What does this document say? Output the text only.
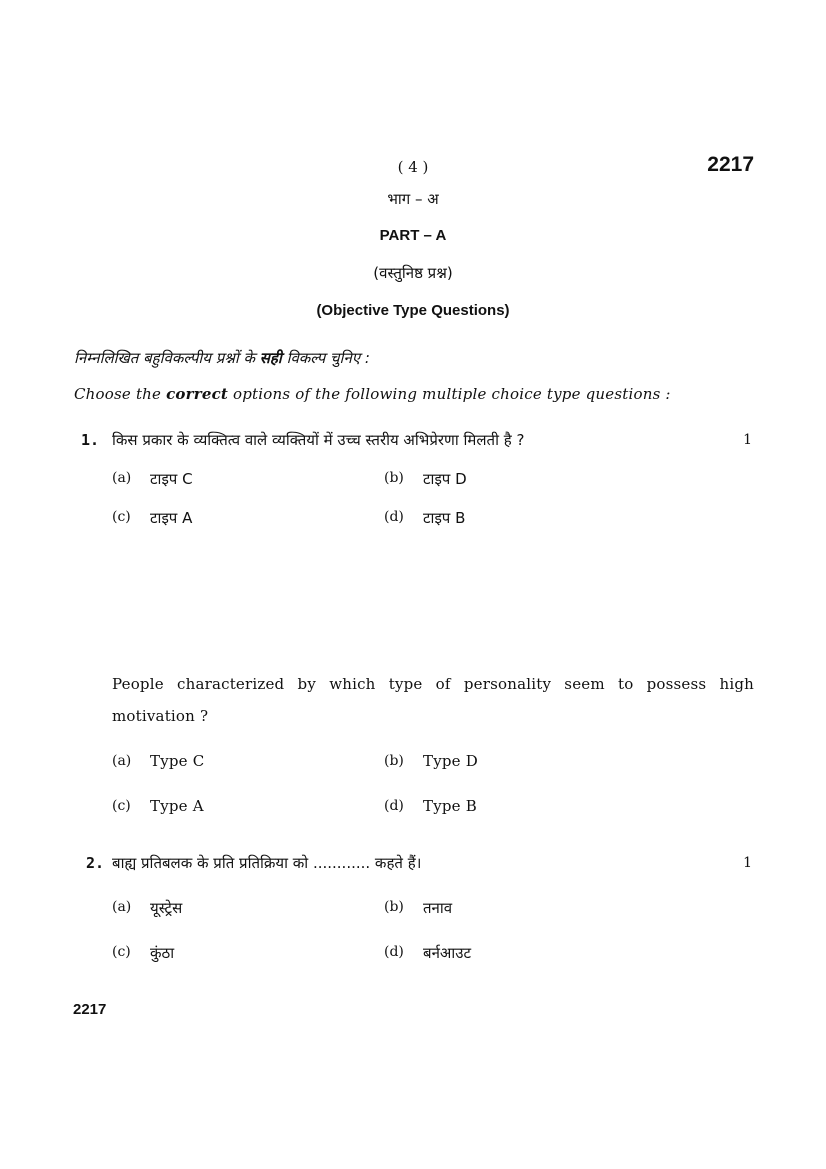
( 4 )	2217
भाग – अ
PART – A
(वस्तुनिष्ठ प्रश्न)
(Objective Type Questions)
निम्नलिखित बहुविकल्पीय प्रश्नों के सही विकल्प चुनिए :
Choose the correct options of the following multiple choice type questions :
1. किस प्रकार के व्यक्तित्व वाले व्यक्तियों में उच्च स्तरीय अभिप्रेरणा मिलती है ?	1
(a) टाइप C	(b) टाइप D
(c) टाइप A	(d) टाइप B
People characterized by which type of personality seem to possess high
motivation ?
(a) Type C	(b) Type D
(c) Type A	(d) Type B
2. बाह्य प्रतिबलक के प्रति प्रतिक्रिया को ............ कहते हैं।	1
(a) यूस्ट्रेस	(b) तनाव
(c) कुंठा	(d) बर्नआउट
2217
